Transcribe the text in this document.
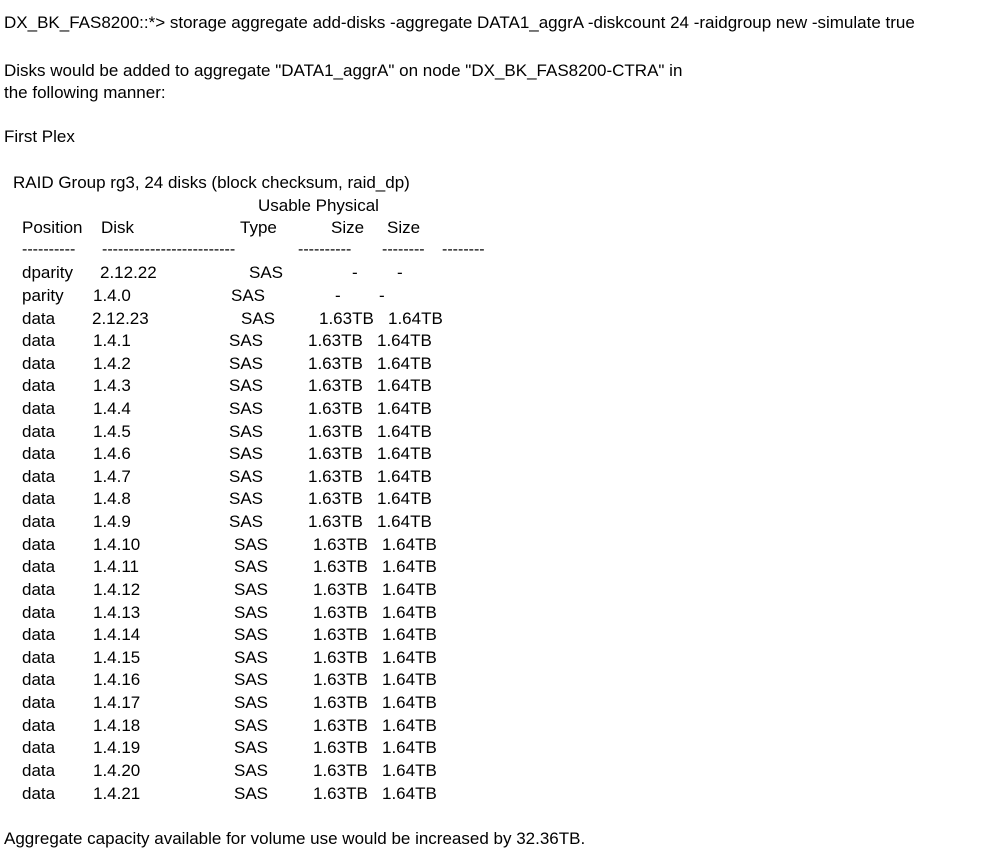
DX_BK_FAS8200::*> storage aggregate add-disks -aggregate DATA1_aggrA -diskcount 24 -raidgroup new -simulate true
Disks would be added to aggregate "DATA1_aggrA" on node "DX_BK_FAS8200-CTRA" in
the following manner:
First Plex
RAID Group rg3, 24 disks (block checksum, raid_dp)
Usable Physical
Position Disk	Type	Size Size
---------- -------------------------	---------- -------- --------
dparity 2.12.22	SAS	- -
parity 1.4.0	SAS	- -
data 2.12.23	SAS	1.63TB 1.64TB
data 1.4.1	SAS	1.63TB 1.64TB
data 1.4.2	SAS	1.63TB 1.64TB
data 1.4.3	SAS	1.63TB 1.64TB
data 1.4.4	SAS	1.63TB 1.64TB
data 1.4.5	SAS	1.63TB 1.64TB
data 1.4.6	SAS	1.63TB 1.64TB
data 1.4.7	SAS	1.63TB 1.64TB
data 1.4.8	SAS	1.63TB 1.64TB
data 1.4.9	SAS	1.63TB 1.64TB
data 1.4.10	SAS	1.63TB 1.64TB
data 1.4.11	SAS	1.63TB 1.64TB
data 1.4.12	SAS	1.63TB 1.64TB
data 1.4.13	SAS	1.63TB 1.64TB
data 1.4.14	SAS	1.63TB 1.64TB
data 1.4.15	SAS	1.63TB 1.64TB
data 1.4.16	SAS	1.63TB 1.64TB
data 1.4.17	SAS	1.63TB 1.64TB
data 1.4.18	SAS	1.63TB 1.64TB
data 1.4.19	SAS	1.63TB 1.64TB
data 1.4.20	SAS	1.63TB 1.64TB
data 1.4.21	SAS	1.63TB 1.64TB
Aggregate capacity available for volume use would be increased by 32.36TB.
